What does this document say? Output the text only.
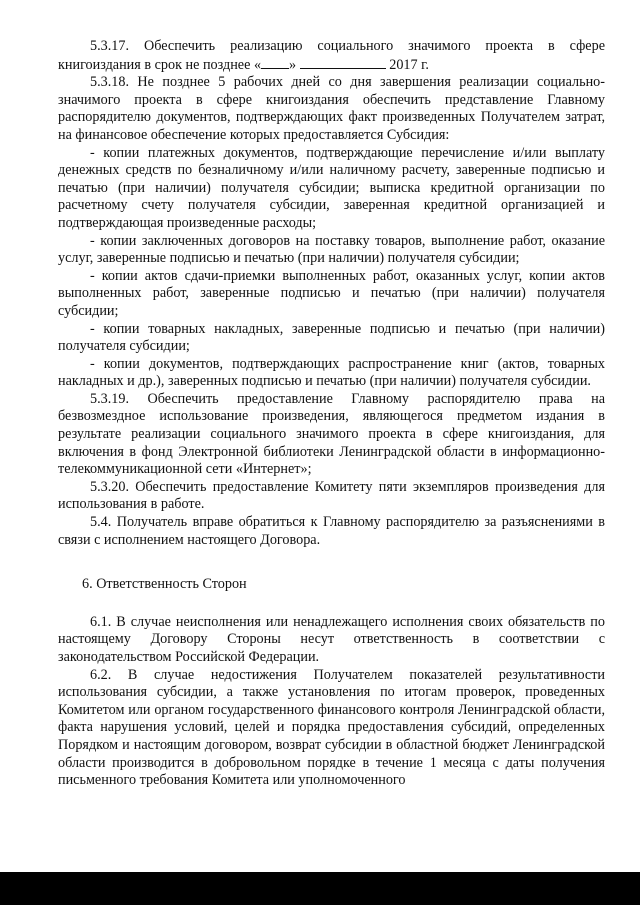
5.3.17. Обеспечить реализацию социального значимого проекта в сфере книгоиздания в срок не позднее « »	2017 г.

5.3.18. Не позднее 5 рабочих дней со дня завершения реализации социально-значимого проекта в сфере книгоиздания обеспечить представление Главному распорядителю документов, подтверждающих факт произведенных Получателем затрат, на финансовое обеспечение которых предоставляется Субсидия:

- копии платежных документов, подтверждающие перечисление и/или выплату денежных средств по безналичному и/или наличному расчету, заверенные подписью и печатью (при наличии) получателя субсидии; выписка кредитной организации по расчетному счету получателя субсидии, заверенная кредитной организацией и подтверждающая произведенные расходы;

- копии заключенных договоров на поставку товаров, выполнение работ, оказание услуг, заверенные подписью и печатью (при наличии) получателя субсидии;

- копии актов сдачи-приемки выполненных работ, оказанных услуг, копии актов выполненных работ, заверенные подписью и печатью (при наличии) получателя субсидии;

- копии товарных накладных, заверенные подписью и печатью (при наличии) получателя субсидии;

- копии документов, подтверждающих распространение книг (актов, товарных накладных и др.), заверенных подписью и печатью (при наличии) получателя субсидии.

5.3.19. Обеспечить предоставление Главному распорядителю права на безвозмездное использование произведения, являющегося предметом издания в результате реализации социального значимого проекта в сфере книгоиздания, для включения в фонд Электронной библиотеки Ленинградской области в информационно-телекоммуникационной сети «Интернет»;

5.3.20. Обеспечить предоставление Комитету пяти экземпляров произведения для использования в работе.

5.4. Получатель вправе обратиться к Главному распорядителю за разъяснениями в связи с исполнением настоящего Договора.

6. Ответственность Сторон

6.1. В случае неисполнения или ненадлежащего исполнения своих обязательств по настоящему Договору Стороны несут ответственность в соответствии с законодательством Российской Федерации.

6.2. В случае недостижения Получателем показателей результативности использования субсидии, а также установления по итогам проверок, проведенных Комитетом или органом государственного финансового контроля Ленинградской области, факта нарушения условий, целей и порядка предоставления субсидий, определенных Порядком и настоящим договором, возврат субсидии в областной бюджет Ленинградской области производится в добровольном порядке в течение 1 месяца с даты получения письменного требования Комитета или уполномоченного
